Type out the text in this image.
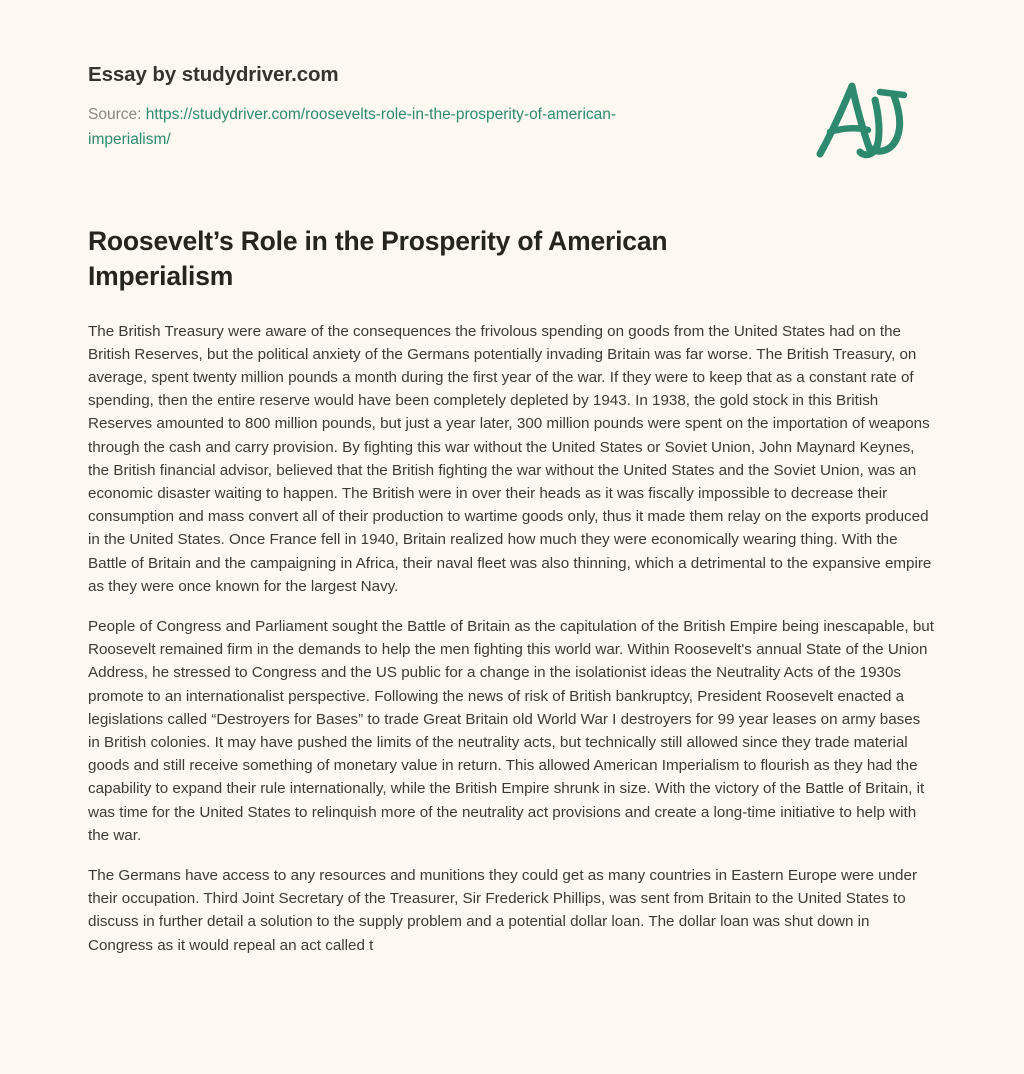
Essay by studydriver.com
Source: https://studydriver.com/roosevelts-role-in-the-prosperity-of-american-imperialism/
Roosevelt’s Role in the Prosperity of American Imperialism

The British Treasury were aware of the consequences the frivolous spending on goods from the United States had on the British Reserves, but the political anxiety of the Germans potentially invading Britain was far worse. The British Treasury, on average, spent twenty million pounds a month during the first year of the war. If they were to keep that as a constant rate of spending, then the entire reserve would have been completely depleted by 1943. In 1938, the gold stock in this British Reserves amounted to 800 million pounds, but just a year later, 300 million pounds were spent on the importation of weapons through the cash and carry provision. By fighting this war without the United States or Soviet Union, John Maynard Keynes, the British financial advisor, believed that the British fighting the war without the United States and the Soviet Union, was an economic disaster waiting to happen. The British were in over their heads as it was fiscally impossible to decrease their consumption and mass convert all of their production to wartime goods only, thus it made them relay on the exports produced in the United States. Once France fell in 1940, Britain realized how much they were economically wearing thing. With the Battle of Britain and the campaigning in Africa, their naval fleet was also thinning, which a detrimental to the expansive empire as they were once known for the largest Navy.

People of Congress and Parliament sought the Battle of Britain as the capitulation of the British Empire being inescapable, but Roosevelt remained firm in the demands to help the men fighting this world war. Within Roosevelt's annual State of the Union Address, he stressed to Congress and the US public for a change in the isolationist ideas the Neutrality Acts of the 1930s promote to an internationalist perspective. Following the news of risk of British bankruptcy, President Roosevelt enacted a legislations called “Destroyers for Bases” to trade Great Britain old World War I destroyers for 99 year leases on army bases in British colonies. It may have pushed the limits of the neutrality acts, but technically still allowed since they trade material goods and still receive something of monetary value in return. This allowed American Imperialism to flourish as they had the capability to expand their rule internationally, while the British Empire shrunk in size. With the victory of the Battle of Britain, it was time for the United States to relinquish more of the neutrality act provisions and create a long-time initiative to help with the war.

The Germans have access to any resources and munitions they could get as many countries in Eastern Europe were under their occupation. Third Joint Secretary of the Treasurer, Sir Frederick Phillips, was sent from Britain to the United States to discuss in further detail a solution to the supply problem and a potential dollar loan. The dollar loan was shut down in Congress as it would repeal an act called t
